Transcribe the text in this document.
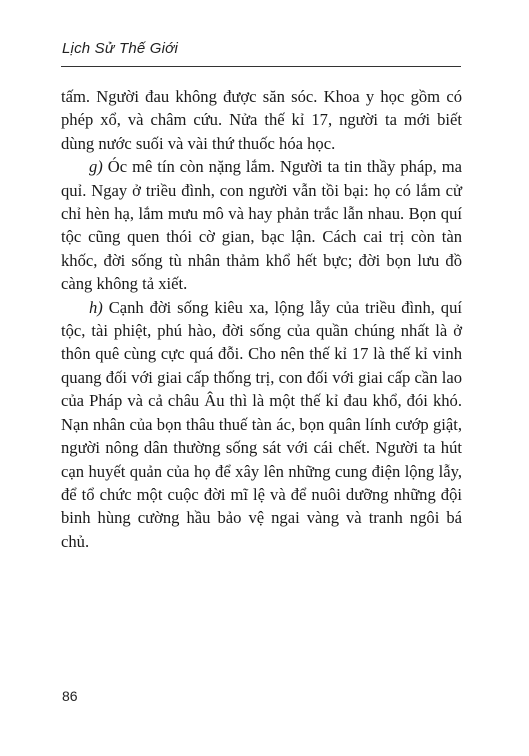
Lịch Sử Thế Giới

tấm. Người đau không được săn sóc. Khoa y học gồm có phép xổ, và châm cứu. Nửa thế kỉ 17, người ta mới biết dùng nước suối và vài thứ thuốc hóa học.

g) Óc mê tín còn nặng lắm. Người ta tin thầy pháp, ma quỉ. Ngay ở triều đình, con người vẫn tồi bại: họ có lắm cử chỉ hèn hạ, lắm mưu mô và hay phản trắc lẫn nhau. Bọn quí tộc cũng quen thói cờ gian, bạc lận. Cách cai trị còn tàn khốc, đời sống tù nhân thảm khổ hết bực; đời bọn lưu đồ càng không tả xiết.

h) Cạnh đời sống kiêu xa, lộng lẫy của triều đình, quí tộc, tài phiệt, phú hào, đời sống của quần chúng nhất là ở thôn quê cùng cực quá đỗi. Cho nên thế kỉ 17 là thế kỉ vinh quang đối với giai cấp thống trị, con đối với giai cấp cần lao của Pháp và cả châu Âu thì là một thế kỉ đau khổ, đói khó. Nạn nhân của bọn thâu thuế tàn ác, bọn quân lính cướp giật, người nông dân thường sống sát với cái chết. Người ta hút cạn huyết quản của họ để xây lên những cung điện lộng lẫy, để tổ chức một cuộc đời mĩ lệ và để nuôi dưỡng những đội binh hùng cường hầu bảo vệ ngai vàng và tranh ngôi bá chủ.

86
